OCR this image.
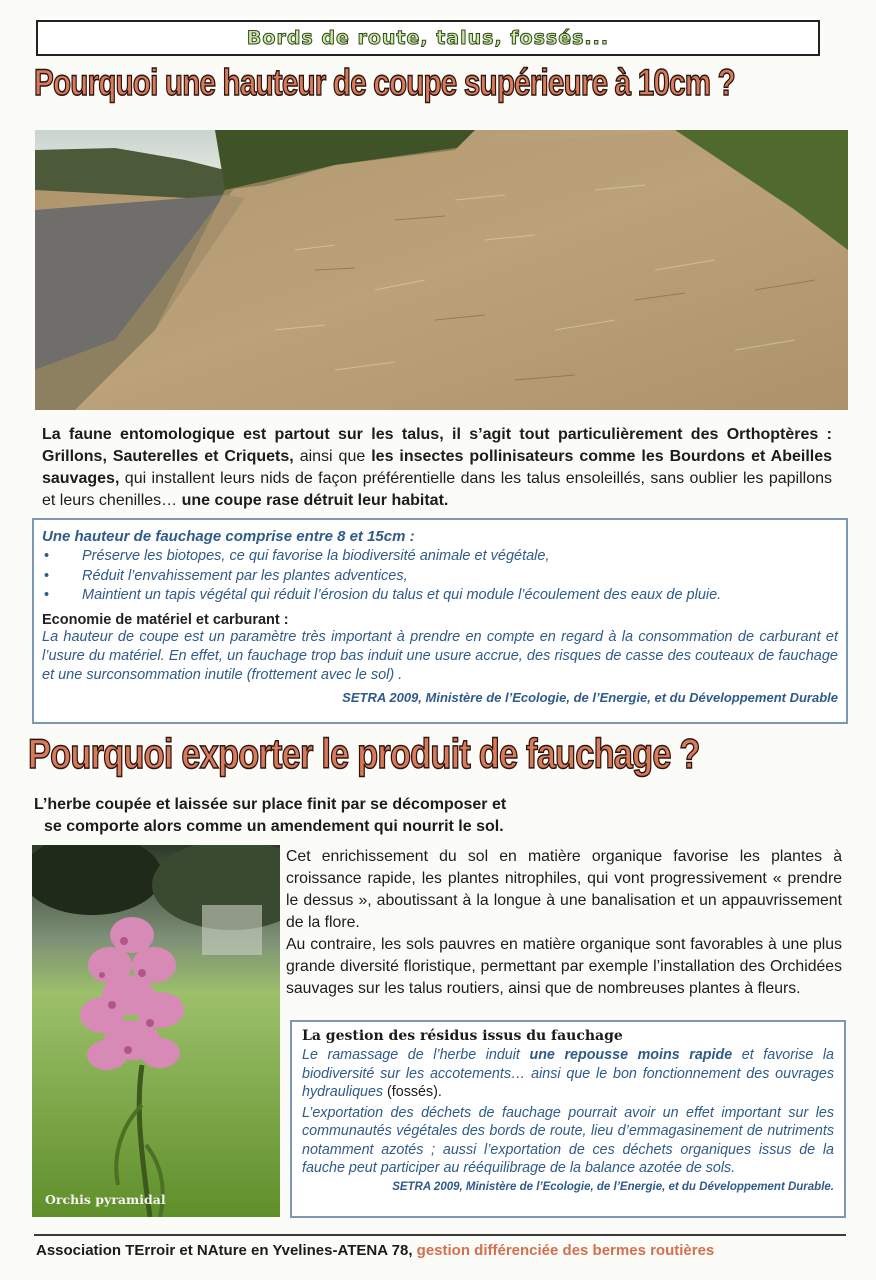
Bords de route, talus, fossés...
Pourquoi une hauteur de coupe supérieure à 10cm ?
La faune entomologique est partout sur les talus, il s’agit tout particulièrement des Orthoptères : Grillons, Sauterelles et Criquets, ainsi que les insectes pollinisateurs comme les Bourdons et Abeilles sauvages, qui installent leurs nids de façon préférentielle dans les talus ensoleillés, sans oublier les papillons et leurs chenilles… une coupe rase détruit leur habitat.
Une hauteur de fauchage comprise entre 8 et 15cm :
• Préserve les biotopes, ce qui favorise la biodiversité animale et végétale,
• Réduit l’envahissement par les plantes adventices,
• Maintient un tapis végétal qui réduit l’érosion du talus et qui module l’écoulement des eaux de pluie.
Economie de matériel et carburant :
La hauteur de coupe est un paramètre très important à prendre en compte en regard à la consommation de carburant et l’usure du matériel. En effet, un fauchage trop bas induit une usure accrue, des risques de casse des couteaux de fauchage et une surconsommation inutile (frottement avec le sol) .
SETRA 2009, Ministère de l’Ecologie, de l’Energie, et du Développement Durable
Pourquoi exporter le produit de fauchage ?
L’herbe coupée et laissée sur place finit par se décomposer et
se comporte alors comme un amendement qui nourrit le sol.
Orchis pyramidal
Cet enrichissement du sol en matière organique favorise les plantes à croissance rapide, les plantes nitrophiles, qui vont progressivement « prendre le dessus », aboutissant à la longue à une banalisation et un appauvrissement de la flore.
Au contraire, les sols pauvres en matière organique sont favorables à une plus grande diversité floristique, permettant par exemple l’installation des Orchidées sauvages sur les talus routiers, ainsi que de nombreuses plantes à fleurs.
La gestion des résidus issus du fauchage
Le ramassage de l’herbe induit une repousse moins rapide et favorise la biodiversité sur les accotements… ainsi que le bon fonctionnement des ouvrages hydrauliques (fossés).
L’exportation des déchets de fauchage pourrait avoir un effet important sur les communautés végétales des bords de route, lieu d’emmagasinement de nutriments notamment azotés ; aussi l’exportation de ces déchets organiques issus de la fauche peut participer au rééquilibrage de la balance azotée de sols.
SETRA 2009, Ministère de l’Ecologie, de l’Energie, et du Développement Durable.
Association TErroir et NAture en Yvelines-ATENA 78, gestion différenciée des bermes routières
